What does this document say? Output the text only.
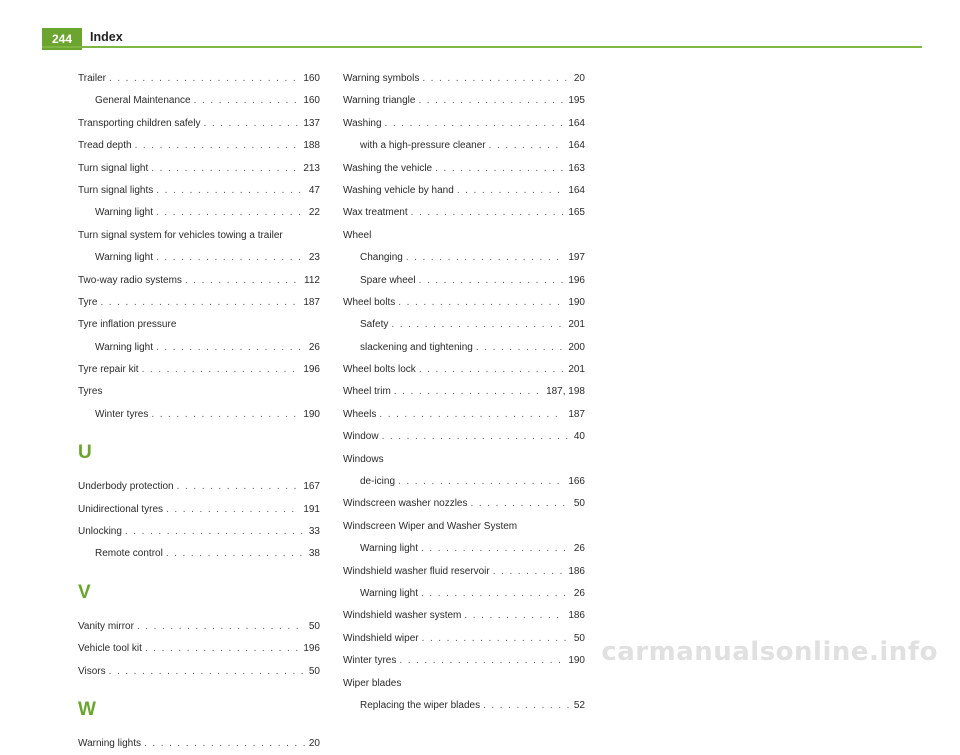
244	Index
Trailer . . .	160
General Maintenance . . .	160
Transporting children safely . . .	137
Tread depth . . .	188
Turn signal light . . .	213
Turn signal lights . . .	47
Warning light . . .	22
Turn signal system for vehicles towing a trailer
Warning light . . .	23
Two-way radio systems . . .	112
Tyre . . .	187
Tyre inflation pressure
Warning light . . .	26
Tyre repair kit . . .	196
Tyres
Winter tyres . . .	190
U
Underbody protection . . .	167
Unidirectional tyres . . .	191
Unlocking . . .	33
Remote control . . .	38
V
Vanity mirror . . .	50
Vehicle tool kit . . .	196
Visors . . .	50
W
Warning lights . . .	20
Warning symbols . . .	20
Warning triangle . . .	195
Washing . . .	164
with a high-pressure cleaner . . .	164
Washing the vehicle . . .	163
Washing vehicle by hand . . .	164
Wax treatment . . .	165
Wheel
Changing . . .	197
Spare wheel . . .	196
Wheel bolts . . .	190
Safety . . .	201
slackening and tightening . . .	200
Wheel bolts lock . . .	201
Wheel trim . . .	187, 198
Wheels . . .	187
Window . . .	40
Windows
de-icing . . .	166
Windscreen washer nozzles . . .	50
Windscreen Wiper and Washer System
Warning light . . .	26
Windshield washer fluid reservoir . . .	186
Warning light . . .	26
Windshield washer system . . .	186
Windshield wiper . . .	50
Winter tyres . . .	190
Wiper blades
Replacing the wiper blades . . .	52
carmanualsonline.info
